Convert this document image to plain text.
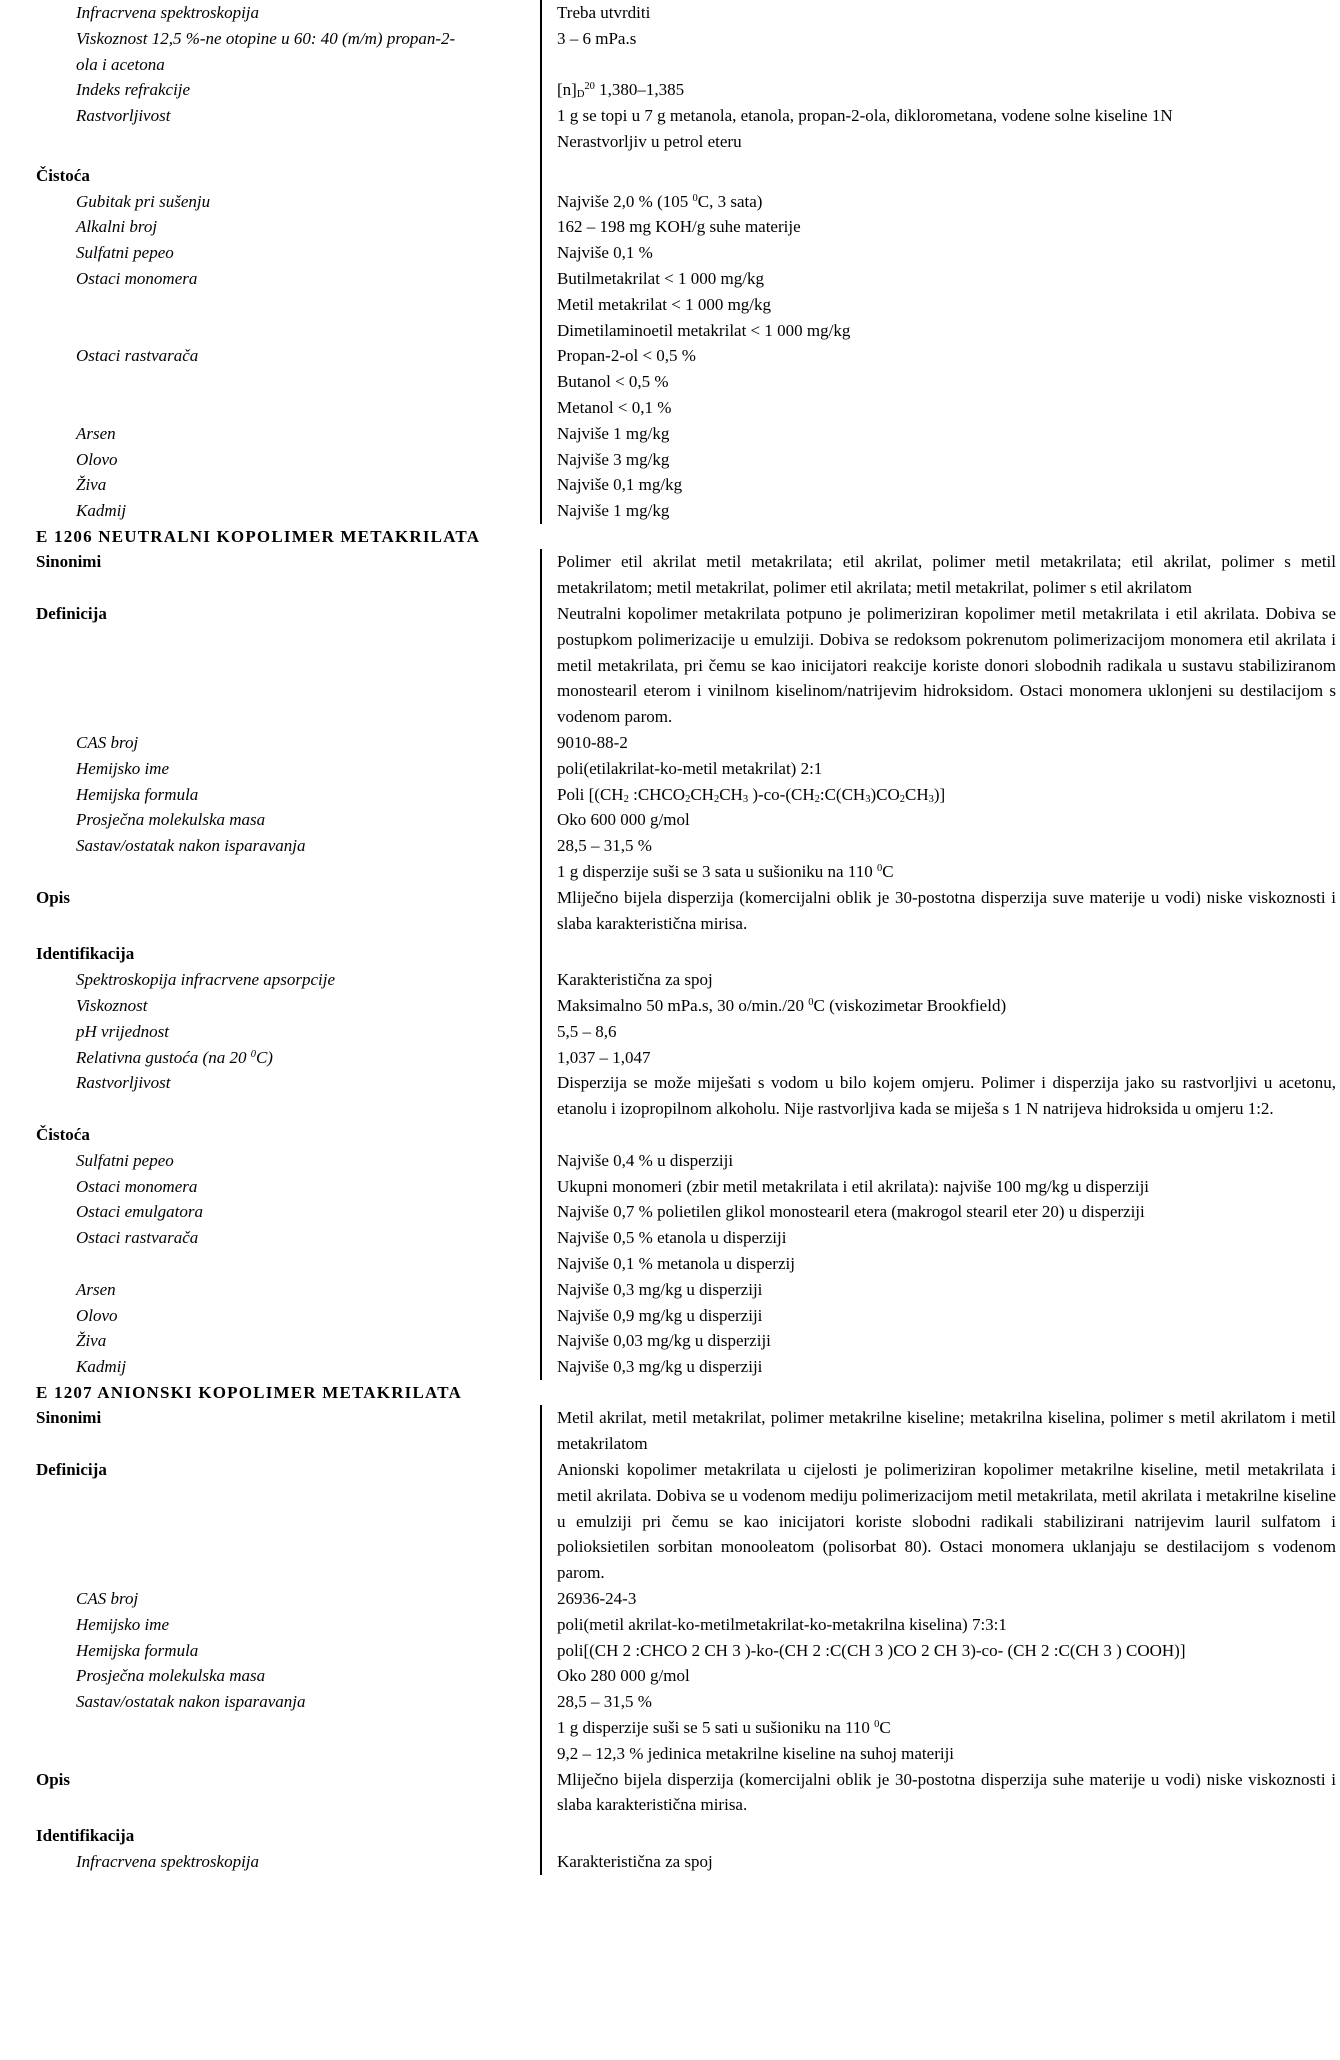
Infracrvena spektroskopija	Treba utvrditi
Viskoznost 12,5 %-ne otopine u 60: 40 (m/m) propan-2-
ola i acetona
3 – 6 mPa.s
Indeks refrakcije	$[n]_D^{20}$ 1,380–1,385
Rastvorljivost	1 g se topi u 7 g metanola, etanola, propan-2-ola, diklorometana, vodene solne kiseline 1N
Nerastvorljiv u petrol eteru
Čistoća
Gubitak pri sušenju	Najviše 2,0 % (105 $^0$C, 3 sata)
Alkalni broj	162 – 198 mg KOH/g suhe materije
Sulfatni pepeo	Najviše 0,1 %
Ostaci monomera	Butilmetakrilat < 1 000 mg/kg
Metil metakrilat < 1 000 mg/kg
Dimetilaminoetil metakrilat < 1 000 mg/kg
Ostaci rastvarača	Propan-2-ol < 0,5 %
Butanol < 0,5 %
Metanol < 0,1 %
Arsen	Najviše 1 mg/kg
Olovo	Najviše 3 mg/kg
Živa	Najviše 0,1 mg/kg
Kadmij	Najviše 1 mg/kg
E 1206 NEUTRALNI KOPOLIMER METAKRILATA
Sinonimi	Polimer etil akrilat metil metakrilata; etil akrilat, polimer metil metakrilata; etil akrilat, polimer s metil metakrilatom; metil metakrilat, polimer etil akrilata; metil metakrilat, polimer s etil akrilatom
Definicija	Neutralni kopolimer metakrilata potpuno je polimeriziran kopolimer metil metakrilata i etil akrilata. Dobiva se postupkom polimerizacije u emulziji. Dobiva se redoksom pokrenutom polimerizacijom monomera etil akrilata i metil metakrilata, pri čemu se kao inicijatori reakcije koriste donori slobodnih radikala u sustavu stabiliziranom monostearil eterom i vinilnom kiselinom/natrijevim hidroksidom. Ostaci monomera uklonjeni su destilacijom s vodenom parom.
CAS broj	9010-88-2
Hemijsko ime	poli(etilakrilat-ko-metil metakrilat) 2:1
Hemijska formula	Poli [($CH_2$ $:CHCO_2CH_2CH_3$ )$-co-(CH_2:C(CH_3)CO_2CH_3)$]
Prosječna molekulska masa	Oko 600 000 g/mol
Sastav/ostatak nakon isparavanja	28,5 – 31,5 %
1 g disperzije suši se 3 sata u sušioniku na 110 $^0$C
Opis	Mliječno bijela disperzija (komercijalni oblik je 30-postotna disperzija suve materije u vodi) niske viskoznosti i slaba karakteristična mirisa.
Identifikacija
Spektroskopija infracrvene apsorpcije	Karakteristična za spoj
Viskoznost	Maksimalno 50 mPa.s, 30 o/min./20 $^0$C (viskozimetar Brookfield)
pH vrijednost	5,5 – 8,6
Relativna gustoća (na 20 $^0$C)	1,037 – 1,047
Rastvorljivost	Disperzija se može miješati s vodom u bilo kojem omjeru. Polimer i disperzija jako su rastvorljivi u acetonu, etanolu i izopropilnom alkoholu. Nije rastvorljiva kada se miješa s 1 N natrijeva hidroksida u omjeru 1:2.
Čistoća
Sulfatni pepeo	Najviše 0,4 % u disperziji
Ostaci monomera	Ukupni monomeri (zbir metil metakrilata i etil akrilata): najviše 100 mg/kg u disperziji
Ostaci emulgatora	Najviše 0,7 % polietilen glikol monostearil etera (makrogol stearil eter 20) u disperziji
Ostaci rastvarača	Najviše 0,5 % etanola u disperziji
Najviše 0,1 % metanola u disperzij
Arsen	Najviše 0,3 mg/kg u disperziji
Olovo	Najviše 0,9 mg/kg u disperziji
Živa	Najviše 0,03 mg/kg u disperziji
Kadmij	Najviše 0,3 mg/kg u disperziji
E 1207 ANIONSKI KOPOLIMER METAKRILATA
Sinonimi	Metil akrilat, metil metakrilat, polimer metakrilne kiseline; metakrilna kiselina, polimer s metil akrilatom i metil metakrilatom
Definicija	Anionski kopolimer metakrilata u cijelosti je polimeriziran kopolimer metakrilne kiseline, metil metakrilata i metil akrilata. Dobiva se u vodenom mediju polimerizacijom metil metakrilata, metil akrilata i metakrilne kiseline u emulziji pri čemu se kao inicijatori koriste slobodni radikali stabilizirani natrijevim lauril sulfatom i polioksietilen sorbitan monooleatom (polisorbat 80). Ostaci monomera uklanjaju se destilacijom s vodenom parom.
CAS broj	26936-24-3
Hemijsko ime	poli(metil akrilat-ko-metilmetakrilat-ko-metakrilna kiselina) 7:3:1
Hemijska formula	poli[(CH 2 :CHCO 2 CH 3 )-ko-(CH 2 :C(CH 3 )CO 2 CH 3)-co- (CH 2 :C(CH 3 ) COOH)]
Prosječna molekulska masa	Oko 280 000 g/mol
Sastav/ostatak nakon isparavanja	28,5 – 31,5 %
1 g disperzije suši se 5 sati u sušioniku na 110 $^0$C
9,2 – 12,3 % jedinica metakrilne kiseline na suhoj materiji
Opis	Mliječno bijela disperzija (komercijalni oblik je 30-postotna disperzija suhe materije u vodi) niske viskoznosti i slaba karakteristična mirisa.
Identifikacija
Infracrvena spektroskopija	Karakteristična za spoj
